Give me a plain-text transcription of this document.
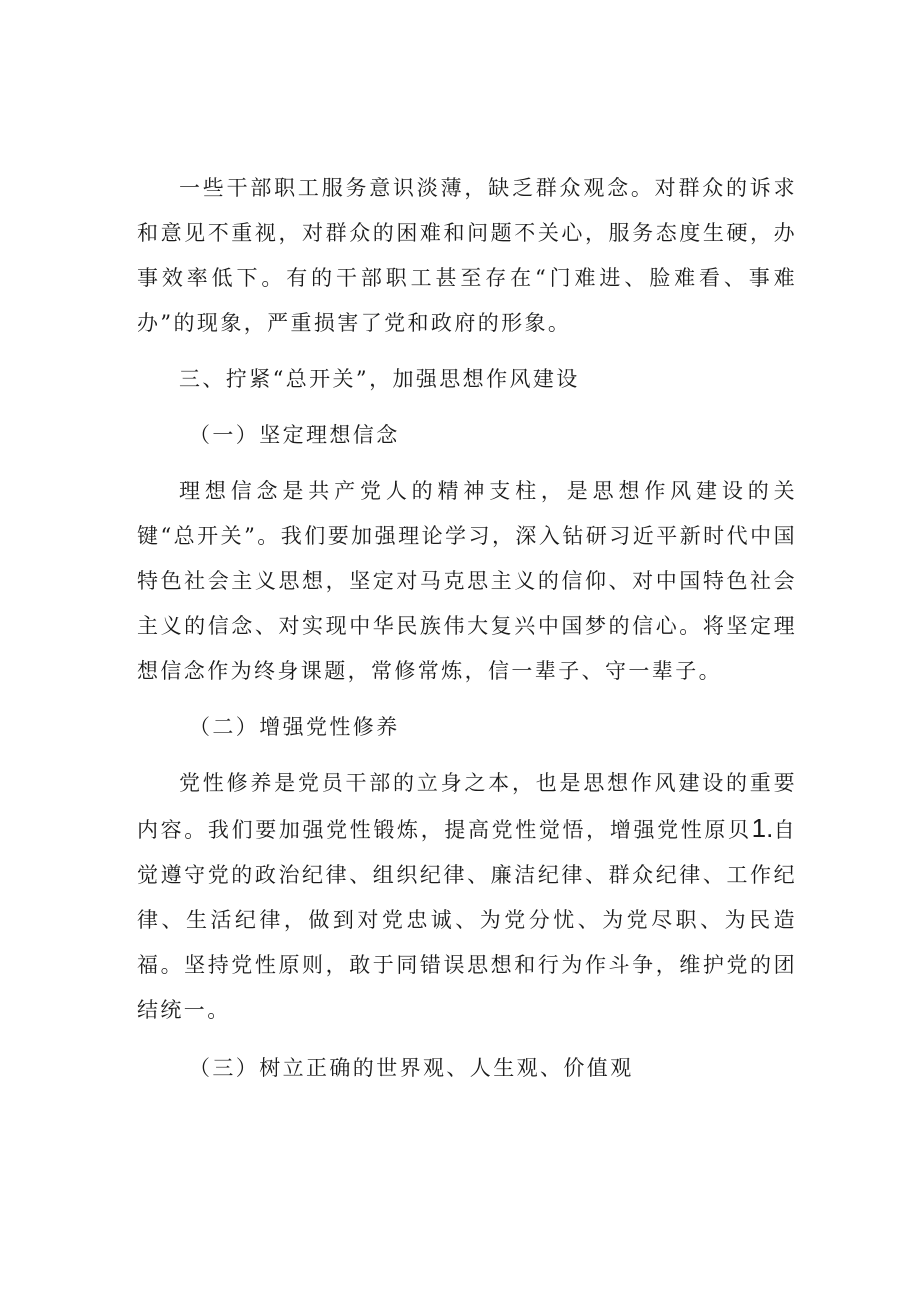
一些干部职工服务意识淡薄，缺乏群众观念。对群众的诉求和意见不重视，对群众的困难和问题不关心，服务态度生硬，办事效率低下。有的干部职工甚至存在“门难进、脸难看、事难办”的现象，严重损害了党和政府的形象。

三、拧紧“总开关”，加强思想作风建设

（一）坚定理想信念

理想信念是共产党人的精神支柱，是思想作风建设的关键“总开关”。我们要加强理论学习，深入钻研习近平新时代中国特色社会主义思想，坚定对马克思主义的信仰、对中国特色社会主义的信念、对实现中华民族伟大复兴中国梦的信心。将坚定理想信念作为终身课题，常修常炼，信一辈子、守一辈子。

（二）增强党性修养

党性修养是党员干部的立身之本，也是思想作风建设的重要内容。我们要加强党性锻炼，提高党性觉悟，增强党性原贝1.自觉遵守党的政治纪律、组织纪律、廉洁纪律、群众纪律、工作纪律、生活纪律，做到对党忠诚、为党分忧、为党尽职、为民造福。坚持党性原则，敢于同错误思想和行为作斗争，维护党的团结统一。

（三）树立正确的世界观、人生观、价值观
